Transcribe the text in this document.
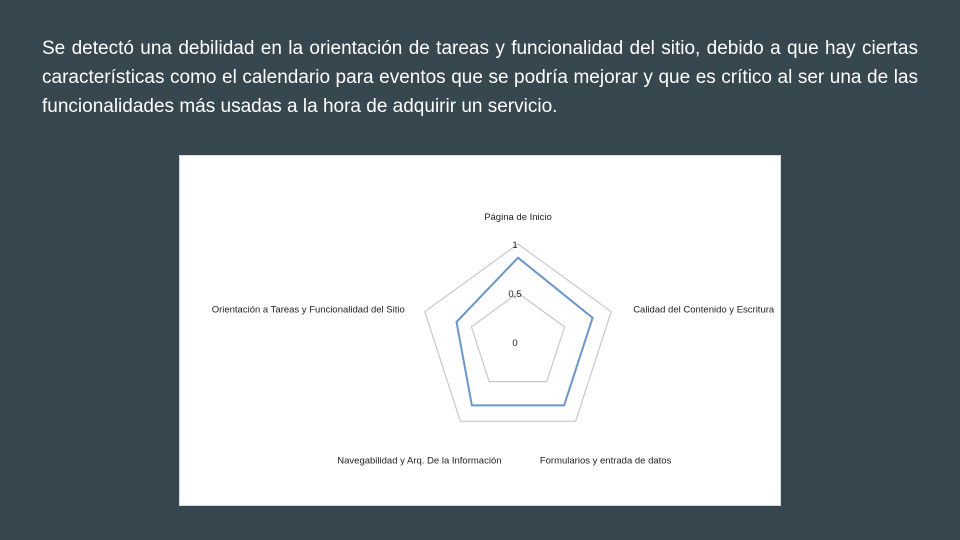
Se detectó una debilidad en la orientación de tareas y funcionalidad del sitio, debido a que hay ciertas características como el calendario para eventos que se podría mejorar y que es crítico al ser una de las funcionalidades más usadas a la hora de adquirir un servicio.

0
0,5
1
Página de Inicio
Calidad del Contenido y Escritura
Formularios y entrada de datos
Navegabilidad y Arq. De la Información
Orientación a Tareas y Funcionalidad del Sitio
